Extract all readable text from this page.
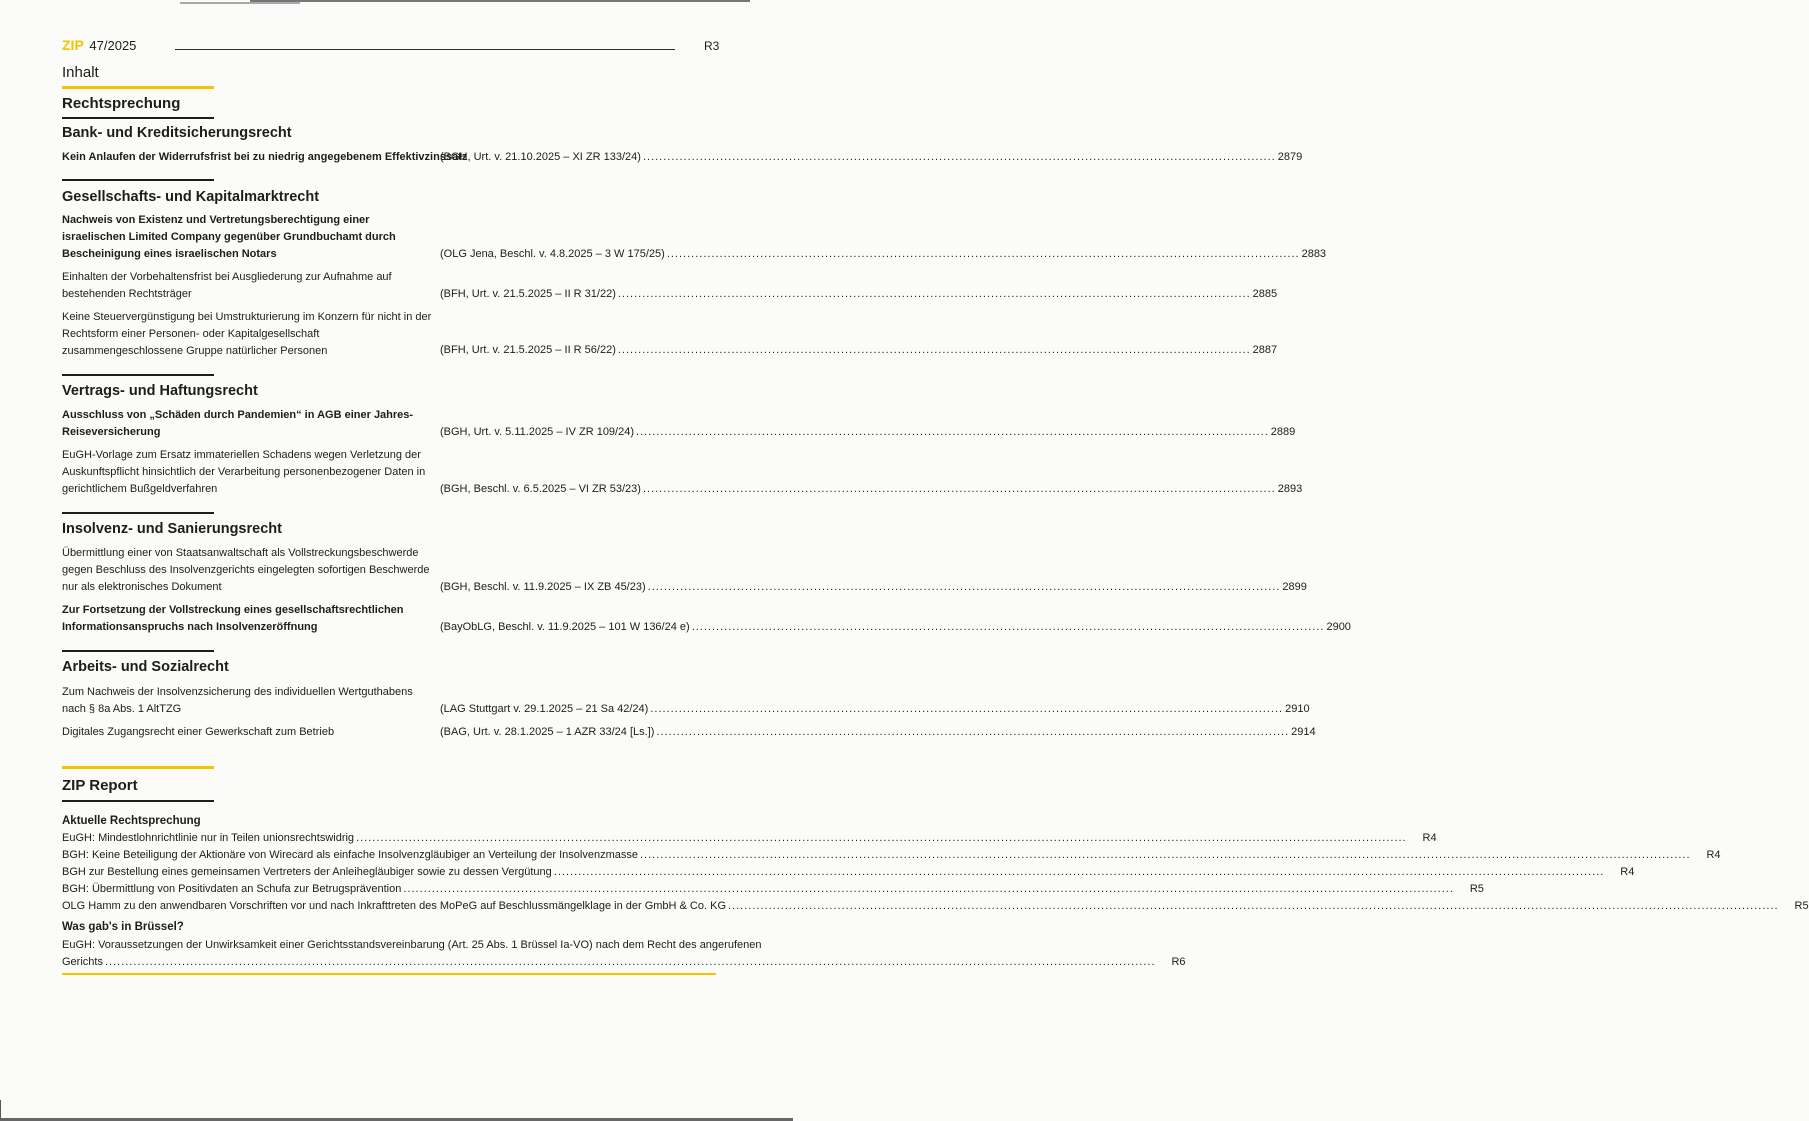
ZIP 47/2025	R3
Inhalt
Rechtsprechung
Bank- und Kreditsicherungsrecht
Kein Anlaufen der Widerrufsfrist bei zu niedrig angegebenem Effektivzinssatz
(BGH, Urt. v. 21.10.2025 – XI ZR 133/24) .....	2879
Gesellschafts- und Kapitalmarktrecht
Nachweis von Existenz und Vertretungsberechtigung einer israelischen Limited Company gegenüber Grundbuchamt durch Bescheinigung eines israelischen Notars	(OLG Jena, Beschl. v. 4.8.2025 – 3 W 175/25) .....	2883
Einhalten der Vorbehaltensfrist bei Ausgliederung zur Aufnahme auf bestehenden Rechtsträger	(BFH, Urt. v. 21.5.2025 – II R 31/22) .....	2885
Keine Steuervergünstigung bei Umstrukturierung im Konzern für nicht in der Rechtsform einer Personen- oder Kapitalgesellschaft zusammengeschlossene Gruppe natürlicher Personen	(BFH, Urt. v. 21.5.2025 – II R 56/22) .....	2887
Vertrags- und Haftungsrecht
Ausschluss von „Schäden durch Pandemien“ in AGB einer Jahres-Reiseversicherung	(BGH, Urt. v. 5.11.2025 – IV ZR 109/24) .....	2889
EuGH-Vorlage zum Ersatz immateriellen Schadens wegen Verletzung der Auskunftspflicht hinsichtlich der Verarbeitung personenbezogener Daten in gerichtlichem Bußgeldverfahren	(BGH, Beschl. v. 6.5.2025 – VI ZR 53/23) .....	2893
Insolvenz- und Sanierungsrecht
Übermittlung einer von Staatsanwaltschaft als Vollstreckungsbeschwerde gegen Beschluss des Insolvenzgerichts eingelegten sofortigen Beschwerde nur als elektronisches Dokument	(BGH, Beschl. v. 11.9.2025 – IX ZB 45/23) .....	2899
Zur Fortsetzung der Vollstreckung eines gesellschaftsrechtlichen Informationsanspruchs nach Insolvenzeröffnung	(BayObLG, Beschl. v. 11.9.2025 – 101 W 136/24 e) .....	2900
Arbeits- und Sozialrecht
Zum Nachweis der Insolvenzsicherung des individuellen Wertguthabens nach § 8a Abs. 1 AltTZG	(LAG Stuttgart v. 29.1.2025 – 21 Sa 42/24) .....	2910
Digitales Zugangsrecht einer Gewerkschaft zum Betrieb	(BAG, Urt. v. 28.1.2025 – 1 AZR 33/24 [Ls.]) .....	2914
ZIP Report
Aktuelle Rechtsprechung
EuGH: Mindestlohnrichtlinie nur in Teilen unionsrechtswidrig .....	R4
BGH: Keine Beteiligung der Aktionäre von Wirecard als einfache Insolvenzgläubiger an Verteilung der Insolvenzmasse .....	R4
BGH zur Bestellung eines gemeinsamen Vertreters der Anleihegläubiger sowie zu dessen Vergütung .....	R4
BGH: Übermittlung von Positivdaten an Schufa zur Betrugsprävention .....	R5
OLG Hamm zu den anwendbaren Vorschriften vor und nach Inkrafttreten des MoPeG auf Beschlussmängelklage in der GmbH & Co. KG .....	R5
Was gab's in Brüssel?
EuGH: Voraussetzungen der Unwirksamkeit einer Gerichtsstandsvereinbarung (Art. 25 Abs. 1 Brüssel Ia-VO) nach dem Recht des angerufenen
Gerichts .....	R6
